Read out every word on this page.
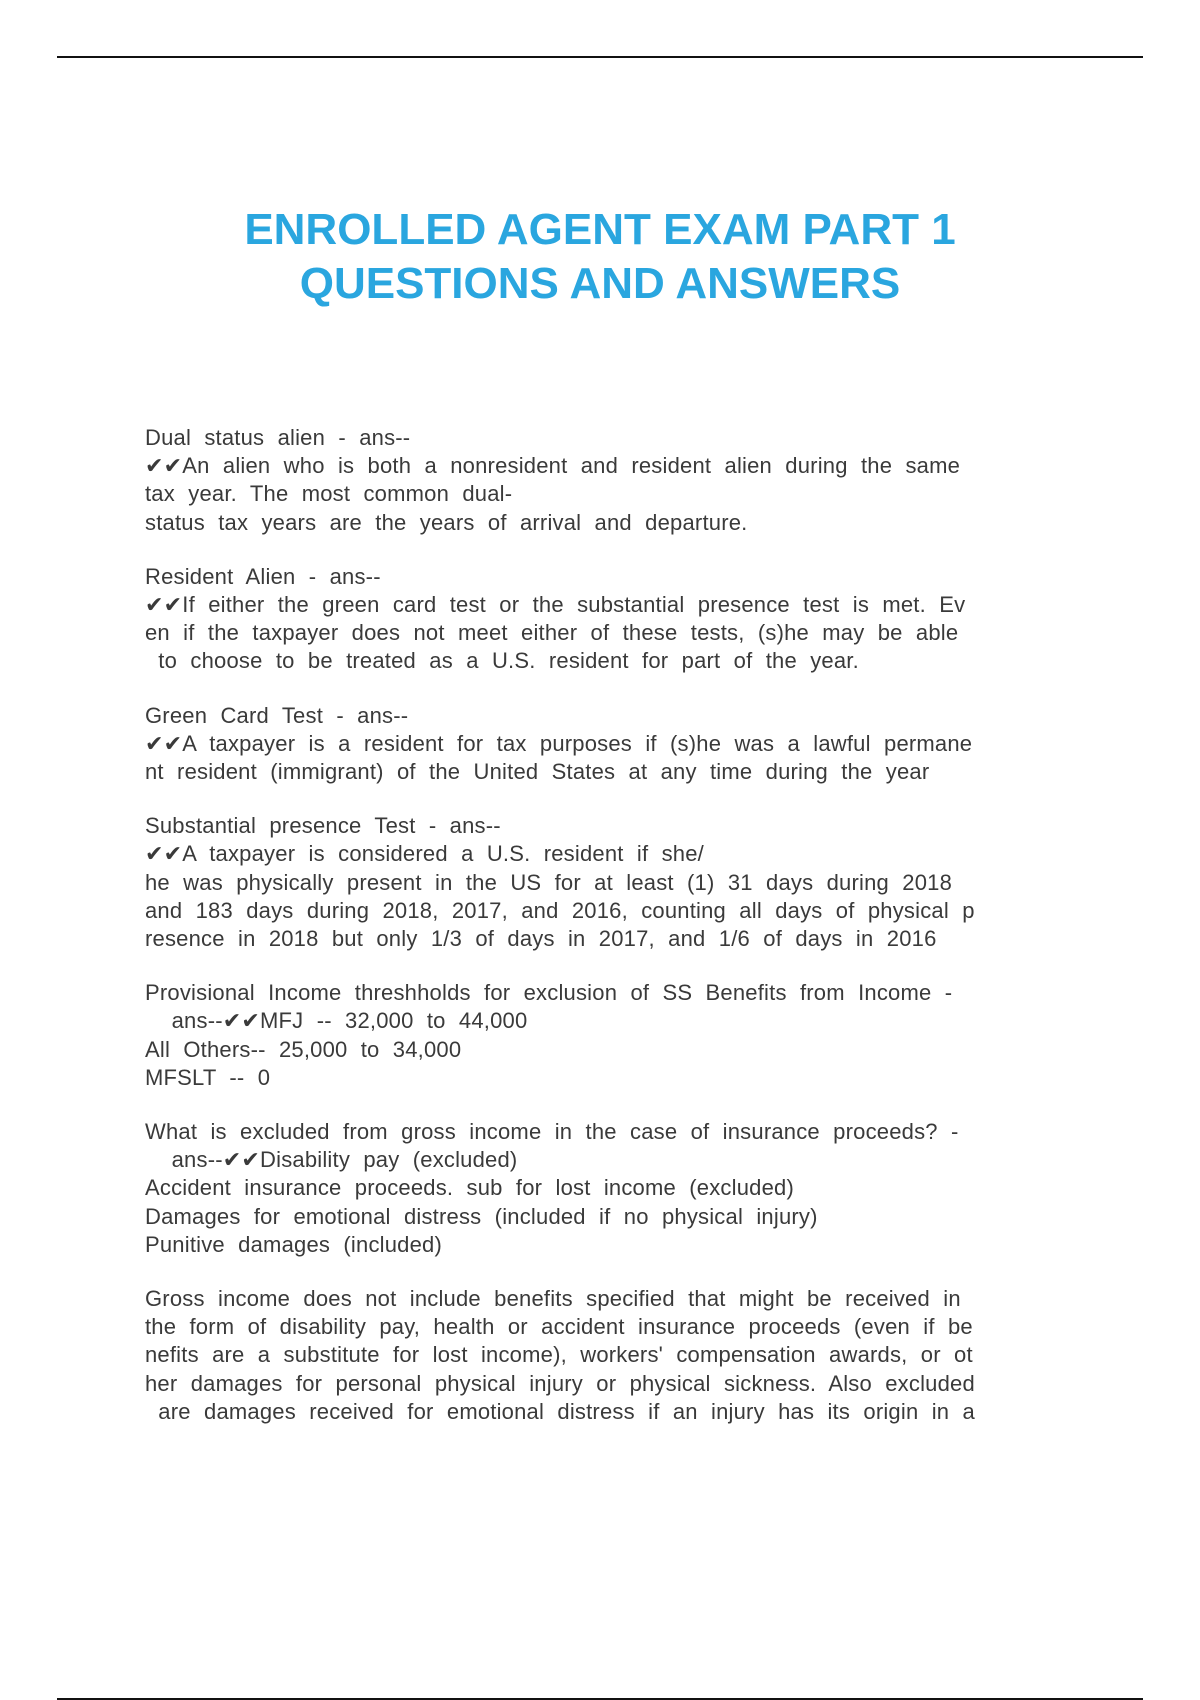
ENROLLED AGENT EXAM PART 1
QUESTIONS AND ANSWERS
Dual status alien - ans--
✔✔An alien who is both a nonresident and resident alien during the same
tax year. The most common dual-
status tax years are the years of arrival and departure.
Resident Alien - ans--
✔✔If either the green card test or the substantial presence test is met. Ev
en if the taxpayer does not meet either of these tests, (s)he may be able
to choose to be treated as a U.S. resident for part of the year.
Green Card Test - ans--
✔✔A taxpayer is a resident for tax purposes if (s)he was a lawful permane
nt resident (immigrant) of the United States at any time during the year
Substantial presence Test - ans--
✔✔A taxpayer is considered a U.S. resident if she/
he was physically present in the US for at least (1) 31 days during 2018
and 183 days during 2018, 2017, and 2016, counting all days of physical p
resence in 2018 but only 1/3 of days in 2017, and 1/6 of days in 2016
Provisional Income threshholds for exclusion of SS Benefits from Income -
ans--✔✔MFJ -- 32,000 to 44,000
All Others-- 25,000 to 34,000
MFSLT -- 0
What is excluded from gross income in the case of insurance proceeds? -
ans--✔✔Disability pay (excluded)
Accident insurance proceeds. sub for lost income (excluded)
Damages for emotional distress (included if no physical injury)
Punitive damages (included)
Gross income does not include benefits specified that might be received in
the form of disability pay, health or accident insurance proceeds (even if be
nefits are a substitute for lost income), workers' compensation awards, or ot
her damages for personal physical injury or physical sickness. Also excluded
are damages received for emotional distress if an injury has its origin in a
